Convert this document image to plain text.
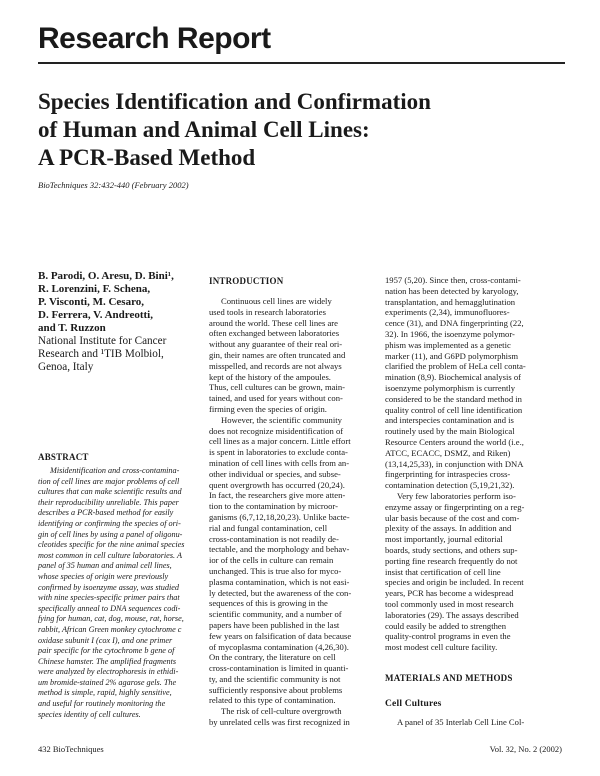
Research Report
Species Identification and Confirmation
of Human and Animal Cell Lines:
A PCR-Based Method
BioTechniques 32:432-440 (February 2002)
B. Parodi, O. Aresu, D. Bini¹,
R. Lorenzini, F. Schena,
P. Visconti, M. Cesaro,
D. Ferrera, V. Andreotti,
and T. Ruzzon
National Institute for Cancer
Research and ¹TIB Molbiol,
Genoa, Italy
ABSTRACT
Misidentification and cross-contamina-
tion of cell lines are major problems of cell
cultures that can make scientific results and
their reproducibility unreliable. This paper
describes a PCR-based method for easily
identifying or confirming the species of ori-
gin of cell lines by using a panel of oligonu-
cleotides specific for the nine animal species
most common in cell culture laboratories. A
panel of 35 human and animal cell lines,
whose species of origin were previously
confirmed by isoenzyme assay, was studied
with nine species-specific primer pairs that
specifically anneal to DNA sequences codi-
fying for human, cat, dog, mouse, rat, horse,
rabbit, African Green monkey cytochrome c
oxidase subunit I (cox I), and one primer
pair specific for the cytochrome b gene of
Chinese hamster. The amplified fragments
were analyzed by electrophoresis in ethidi-
um bromide-stained 2% agarose gels. The
method is simple, rapid, highly sensitive,
and useful for routinely monitoring the
species identity of cell cultures.
INTRODUCTION
Continuous cell lines are widely
used tools in research laboratories
around the world. These cell lines are
often exchanged between laboratories
without any guarantee of their real ori-
gin, their names are often truncated and
misspelled, and records are not always
kept of the history of the ampoules.
Thus, cell cultures can be grown, main-
tained, and used for years without con-
firming even the species of origin.
However, the scientific community
does not recognize misidentification of
cell lines as a major concern. Little effort
is spent in laboratories to exclude conta-
mination of cell lines with cells from an-
other individual or species, and subse-
quent overgrowth has occurred (20,24).
In fact, the researchers give more atten-
tion to the contamination by microor-
ganisms (6,7,12,18,20,23). Unlike bacte-
rial and fungal contamination, cell
cross-contamination is not readily de-
tectable, and the morphology and behav-
ior of the cells in culture can remain
unchanged. This is true also for myco-
plasma contamination, which is not easi-
ly detected, but the awareness of the con-
sequences of this is growing in the
scientific community, and a number of
papers have been published in the last
few years on falsification of data because
of mycoplasma contamination (4,26,30).
On the contrary, the literature on cell
cross-contamination is limited in quanti-
ty, and the scientific community is not
sufficiently responsive about problems
related to this type of contamination.
The risk of cell-culture overgrowth
by unrelated cells was first recognized in
1957 (5,20). Since then, cross-contami-
nation has been detected by karyology,
transplantation, and hemagglutination
experiments (2,34), immunofluores-
cence (31), and DNA fingerprinting (22,
32). In 1966, the isoenzyme polymor-
phism was implemented as a genetic
marker (11), and G6PD polymorphism
clarified the problem of HeLa cell conta-
mination (8,9). Biochemical analysis of
isoenzyme polymorphism is currently
considered to be the standard method in
quality control of cell line identification
and interspecies contamination and is
routinely used by the main Biological
Resource Centers around the world (i.e.,
ATCC, ECACC, DSMZ, and Riken)
(13,14,25,33), in conjunction with DNA
fingerprinting for intraspecies cross-
contamination detection (5,19,21,32).
Very few laboratories perform iso-
enzyme assay or fingerprinting on a reg-
ular basis because of the cost and com-
plexity of the assays. In addition and
most importantly, journal editorial
boards, study sections, and others sup-
porting fine research frequently do not
insist that certification of cell line
species and origin be included. In recent
years, PCR has become a widespread
tool commonly used in most research
laboratories (29). The assays described
could easily be added to strengthen
quality-control programs in even the
most modest cell culture facility.
MATERIALS AND METHODS
Cell Cultures
A panel of 35 Interlab Cell Line Col-
432 BioTechniques	Vol. 32, No. 2 (2002)
